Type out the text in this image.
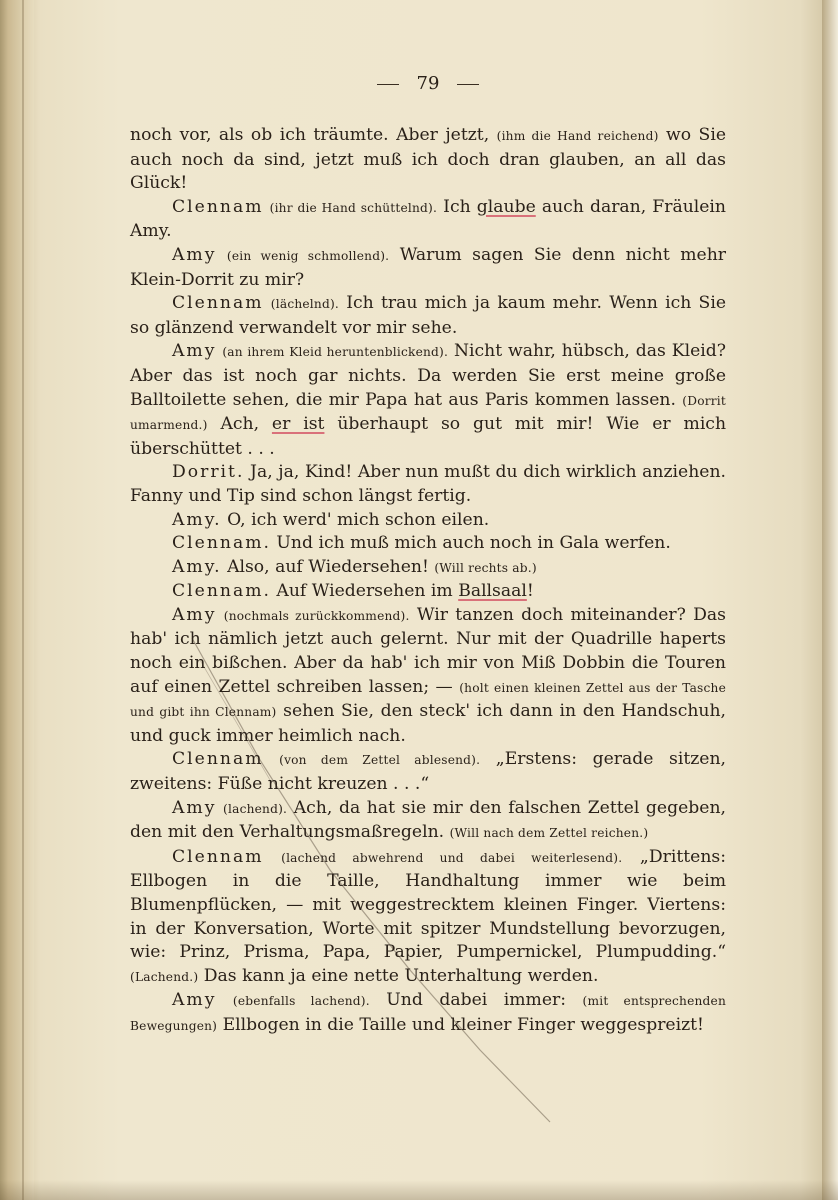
79

noch vor, als ob ich träumte. Aber jetzt, (ihm die Hand reichend) wo Sie auch noch da sind, jetzt muß ich doch dran glauben, an all das Glück!

Clennam (ihr die Hand schüttelnd). Ich glaube auch daran, Fräulein Amy.

Amy (ein wenig schmollend). Warum sagen Sie denn nicht mehr Klein-Dorrit zu mir?

Clennam (lächelnd). Ich trau mich ja kaum mehr. Wenn ich Sie so glänzend verwandelt vor mir sehe.

Amy (an ihrem Kleid heruntenblickend). Nicht wahr, hübsch, das Kleid? Aber das ist noch gar nichts. Da werden Sie erst meine große Balltoilette sehen, die mir Papa hat aus Paris kommen lassen. (Dorrit umarmend.) Ach, er ist überhaupt so gut mit mir! Wie er mich überschüttet . . .

Dorrit. Ja, ja, Kind! Aber nun mußt du dich wirklich anziehen. Fanny und Tip sind schon längst fertig.

Amy. O, ich werd' mich schon eilen.

Clennam. Und ich muß mich auch noch in Gala werfen.

Amy. Also, auf Wiedersehen! (Will rechts ab.)

Clennam. Auf Wiedersehen im Ballsaal!

Amy (nochmals zurückkommend). Wir tanzen doch miteinander? Das hab' ich nämlich jetzt auch gelernt. Nur mit der Quadrille haperts noch ein bißchen. Aber da hab' ich mir von Miß Dobbin die Touren auf einen Zettel schreiben lassen; — (holt einen kleinen Zettel aus der Tasche und gibt ihn Clennam) sehen Sie, den steck' ich dann in den Handschuh, und guck immer heimlich nach.

Clennam (von dem Zettel ablesend). „Erstens: gerade sitzen, zweitens: Füße nicht kreuzen . . .“

Amy (lachend). Ach, da hat sie mir den falschen Zettel gegeben, den mit den Verhaltungsmaßregeln. (Will nach dem Zettel reichen.)

Clennam (lachend abwehrend und dabei weiterlesend). „Drittens: Ellbogen in die Taille, Handhaltung immer wie beim Blumenpflücken, — mit weggestrecktem kleinen Finger. Viertens: in der Konversation, Worte mit spitzer Mundstellung bevorzugen, wie: Prinz, Prisma, Papa, Papier, Pumpernickel, Plumpudding.“ (Lachend.) Das kann ja eine nette Unterhaltung werden.

Amy (ebenfalls lachend). Und dabei immer: (mit entsprechenden Bewegungen) Ellbogen in die Taille und kleiner Finger weggespreizt!
